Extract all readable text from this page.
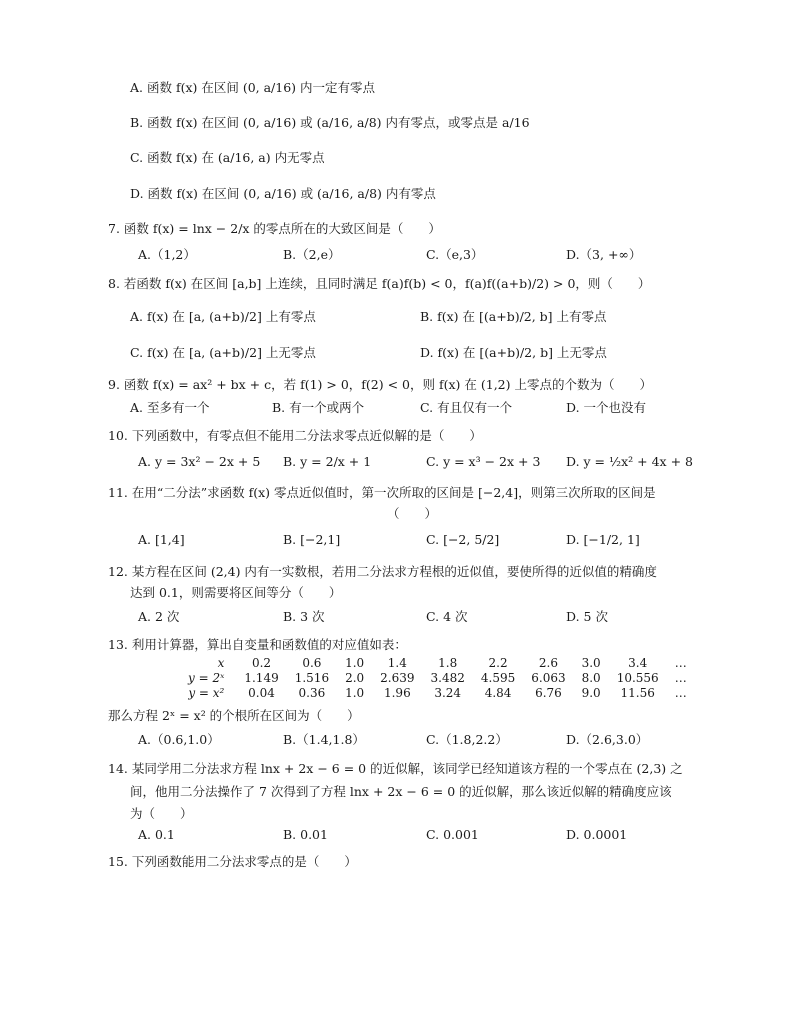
A. 函数 f(x) 在区间 (0, a/16) 内一定有零点
B. 函数 f(x) 在区间 (0, a/16) 或 (a/16, a/8) 内有零点，或零点是 a/16
C. 函数 f(x) 在 (a/16, a) 内无零点
D. 函数 f(x) 在区间 (0, a/16) 或 (a/16, a/8) 内有零点
7. 函数 f(x) = lnx − 2/x 的零点所在的大致区间是（　　）
A.（1,2）	B.（2,e）	C.（e,3）	D.（3, +∞）
8. 若函数 f(x) 在区间 [a,b] 上连续，且同时满足 f(a)f(b) < 0，f(a)f((a+b)/2) > 0，则（　　）
A. f(x) 在 [a, (a+b)/2] 上有零点	B. f(x) 在 [(a+b)/2, b] 上有零点
C. f(x) 在 [a, (a+b)/2] 上无零点	D. f(x) 在 [(a+b)/2, b] 上无零点
9. 函数 f(x) = ax² + bx + c，若 f(1) > 0，f(2) < 0，则 f(x) 在 (1,2) 上零点的个数为（　　）
A. 至多有一个	B. 有一个或两个	C. 有且仅有一个	D. 一个也没有
10. 下列函数中，有零点但不能用二分法求零点近似解的是（　　）
A. y = 3x² − 2x + 5 B. y = 2/x + 1	C. y = x³ − 2x + 3 D. y = ½x² + 4x + 8
11. 在用“二分法”求函数 f(x) 零点近似值时，第一次所取的区间是 [−2,4]，则第三次所取的区间是
（　　）
A. [1,4]	B. [−2,1]	C. [−2, 5/2]	D. [−1/2, 1]
12. 某方程在区间 (2,4) 内有一实数根，若用二分法求方程根的近似值，要使所得的近似值的精确度
达到 0.1，则需要将区间等分（　　）
A. 2 次	B. 3 次	C. 4 次	D. 5 次
13. 利用计算器，算出自变量和函数值的对应值如表：
x	0.2	0.6	1.0	1.4	1.8	2.2	2.6	3.0	3.4	…
y = 2ˣ	1.149	1.516	2.0	2.639	3.482	4.595	6.063	8.0	10.556	…
y = x²	0.04	0.36	1.0	1.96	3.24	4.84	6.76	9.0	11.56	…
那么方程 2ˣ = x² 的个根所在区间为（　　）
A.（0.6,1.0）	B.（1.4,1.8）	C.（1.8,2.2）	D.（2.6,3.0）
14. 某同学用二分法求方程 lnx + 2x − 6 = 0 的近似解，该同学已经知道该方程的一个零点在 (2,3) 之
间，他用二分法操作了 7 次得到了方程 lnx + 2x − 6 = 0 的近似解，那么该近似解的精确度应该
为（　　）
A. 0.1	B. 0.01	C. 0.001	D. 0.0001
15. 下列函数能用二分法求零点的是（　　）
